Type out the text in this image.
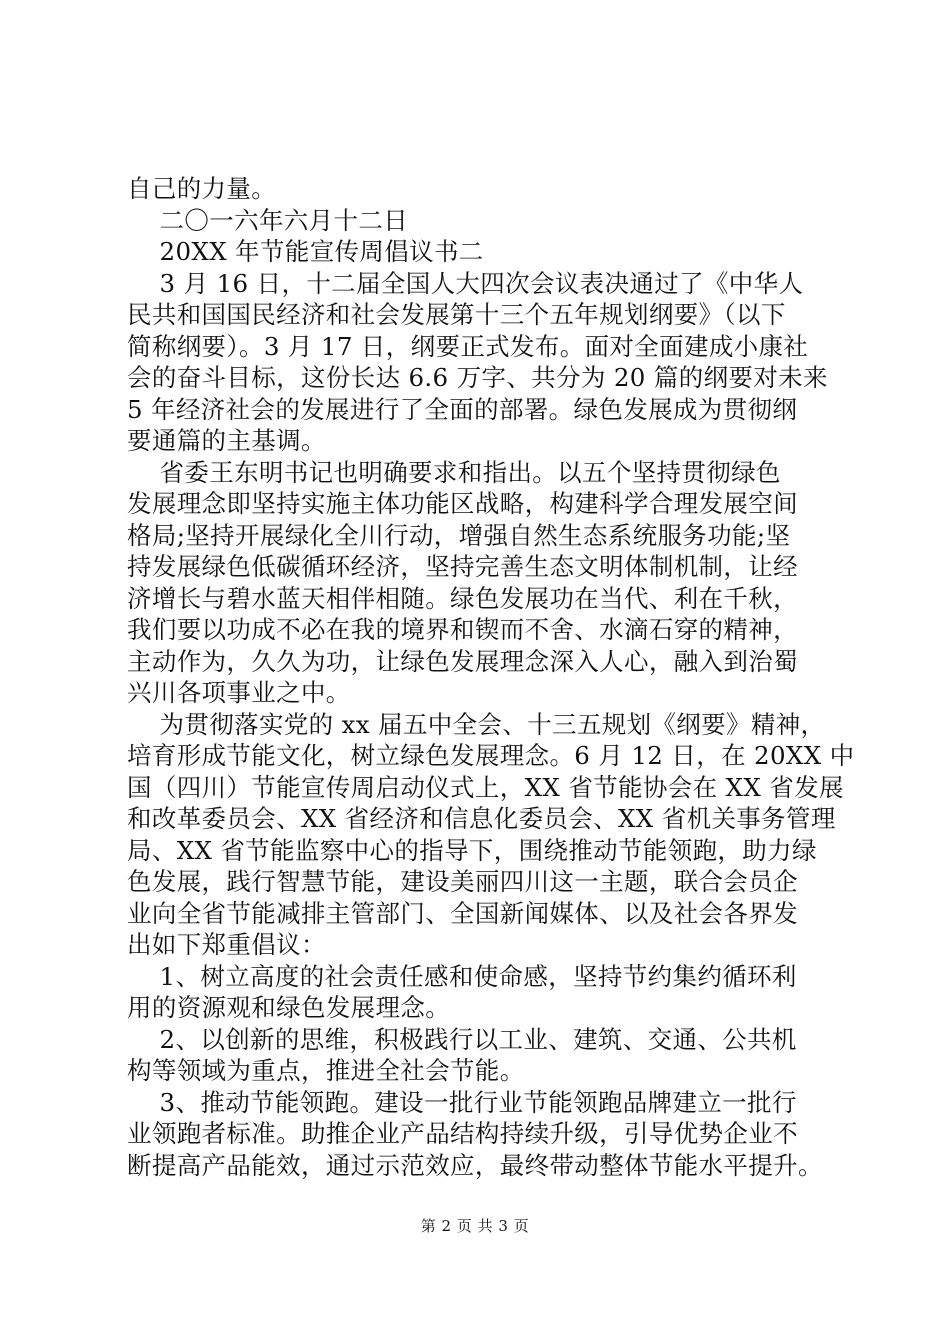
自己的力量。
二〇一六年六月十二日
20XX 年节能宣传周倡议书二
3 月 16 日，十二届全国人大四次会议表决通过了《中华人
民共和国国民经济和社会发展第十三个五年规划纲要》（以下
简称纲要）。3 月 17 日，纲要正式发布。面对全面建成小康社
会的奋斗目标，这份长达 6.6 万字、共分为 20 篇的纲要对未来
5 年经济社会的发展进行了全面的部署。绿色发展成为贯彻纲
要通篇的主基调。
省委王东明书记也明确要求和指出。以五个坚持贯彻绿色
发展理念即坚持实施主体功能区战略，构建科学合理发展空间
格局;坚持开展绿化全川行动，增强自然生态系统服务功能;坚
持发展绿色低碳循环经济，坚持完善生态文明体制机制，让经
济增长与碧水蓝天相伴相随。绿色发展功在当代、利在千秋，
我们要以功成不必在我的境界和锲而不舍、水滴石穿的精神，
主动作为，久久为功，让绿色发展理念深入人心，融入到治蜀
兴川各项事业之中。
为贯彻落实党的 xx 届五中全会、十三五规划《纲要》精神，
培育形成节能文化，树立绿色发展理念。6 月 12 日，在 20XX 中
国（四川）节能宣传周启动仪式上，XX 省节能协会在 XX 省发展
和改革委员会、XX 省经济和信息化委员会、XX 省机关事务管理
局、XX 省节能监察中心的指导下，围绕推动节能领跑，助力绿
色发展，践行智慧节能，建设美丽四川这一主题，联合会员企
业向全省节能减排主管部门、全国新闻媒体、以及社会各界发
出如下郑重倡议：
1、树立高度的社会责任感和使命感，坚持节约集约循环利
用的资源观和绿色发展理念。
2、以创新的思维，积极践行以工业、建筑、交通、公共机
构等领域为重点，推进全社会节能。
3、推动节能领跑。建设一批行业节能领跑品牌建立一批行
业领跑者标准。助推企业产品结构持续升级，引导优势企业不
断提高产品能效，通过示范效应，最终带动整体节能水平提升。
第 2 页 共 3 页
